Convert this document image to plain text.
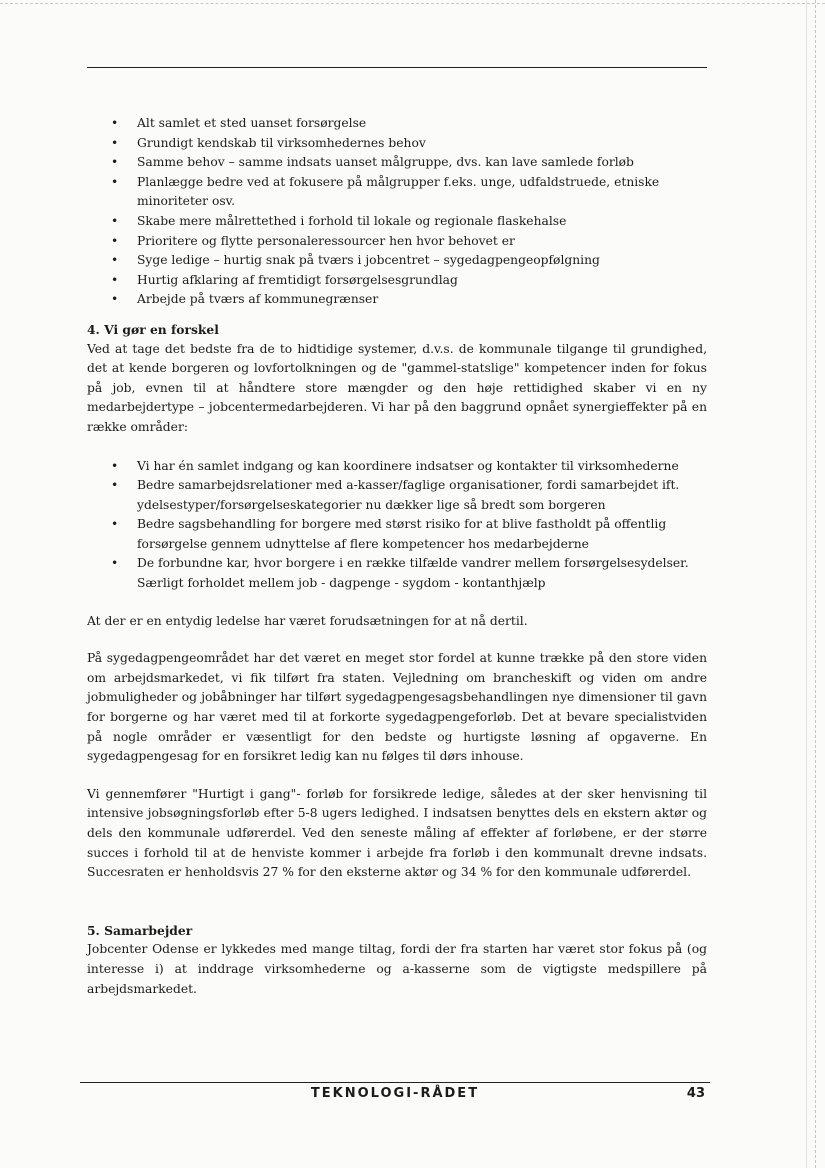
• Alt samlet et sted uanset forsørgelse
• Grundigt kendskab til virksomhedernes behov
• Samme behov – samme indsats uanset målgruppe, dvs. kan lave samlede forløb
• Planlægge bedre ved at fokusere på målgrupper f.eks. unge, udfaldstruede, etniske minoriteter osv.
• Skabe mere målrettethed i forhold til lokale og regionale flaskehalse
• Prioritere og flytte personaleressourcer hen hvor behovet er
• Syge ledige – hurtig snak på tværs i jobcentret – sygedagpengeopfølgning
• Hurtig afklaring af fremtidigt forsørgelsesgrundlag
• Arbejde på tværs af kommunegrænser

4. Vi gør en forskel

Ved at tage det bedste fra de to hidtidige systemer, d.v.s. de kommunale tilgange til grundighed, det at kende borgeren og lovfortolkningen og de "gammel-statslige" kompetencer inden for fokus på job, evnen til at håndtere store mængder og den høje rettidighed skaber vi en ny medarbejdertype – jobcentermedarbejderen. Vi har på den baggrund opnået synergieffekter på en række områder:

• Vi har én samlet indgang og kan koordinere indsatser og kontakter til virksomhederne
• Bedre samarbejdsrelationer med a-kasser/faglige organisationer, fordi samarbejdet ift. ydelsestyper/forsørgelseskategorier nu dækker lige så bredt som borgeren
• Bedre sagsbehandling for borgere med størst risiko for at blive fastholdt på offentlig forsørgelse gennem udnyttelse af flere kompetencer hos medarbejderne
• De forbundne kar, hvor borgere i en række tilfælde vandrer mellem forsørgelsesydelser. Særligt forholdet mellem job - dagpenge - sygdom - kontanthjælp

At der er en entydig ledelse har været forudsætningen for at nå dertil.

På sygedagpengeområdet har det været en meget stor fordel at kunne trække på den store viden om arbejdsmarkedet, vi fik tilført fra staten. Vejledning om brancheskift og viden om andre jobmuligheder og jobåbninger har tilført sygedagpengesagsbehandlingen nye dimensioner til gavn for borgerne og har været med til at forkorte sygedagpengeforløb. Det at bevare specialistviden på nogle områder er væsentligt for den bedste og hurtigste løsning af opgaverne. En sygedagpengesag for en forsikret ledig kan nu følges til dørs inhouse.

Vi gennemfører "Hurtigt i gang"- forløb for forsikrede ledige, således at der sker henvisning til intensive jobsøgningsforløb efter 5-8 ugers ledighed. I indsatsen benyttes dels en ekstern aktør og dels den kommunale udførerdel. Ved den seneste måling af effekter af forløbene, er der større succes i forhold til at de henviste kommer i arbejde fra forløb i den kommunalt drevne indsats. Succesraten er henholdsvis 27 % for den eksterne aktør og 34 % for den kommunale udførerdel.

5. Samarbejder

Jobcenter Odense er lykkedes med mange tiltag, fordi der fra starten har været stor fokus på (og interesse i) at inddrage virksomhederne og a-kasserne som de vigtigste medspillere på arbejdsmarkedet.

TEKNOLOGI-RÅDET	43
